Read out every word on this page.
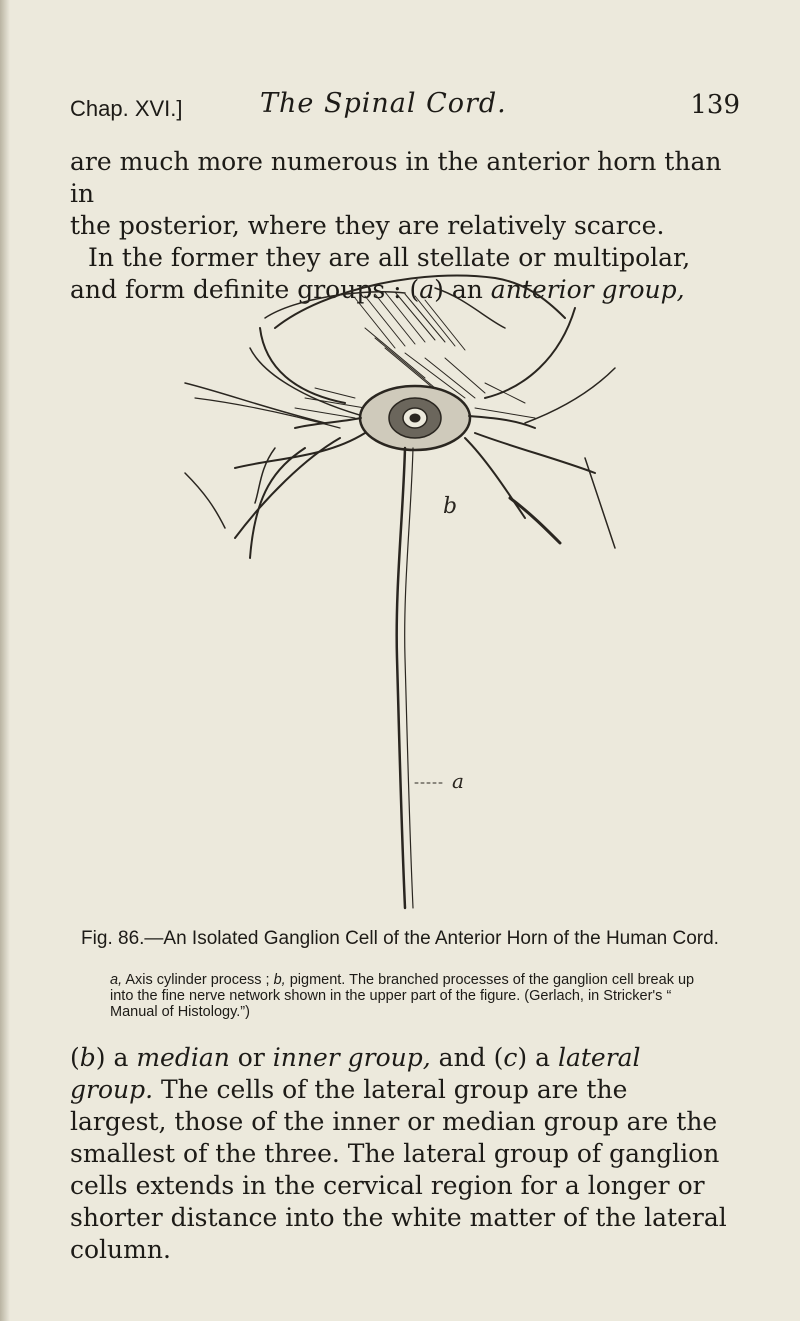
Chap. XVI.]	The Spinal Cord.	139

are much more numerous in the anterior horn than in

the posterior, where they are relatively scarce.

In the former they are all stellate or multipolar,

and form definite groups : (a) an anterior group,

b
a
Fig. 86.—An Isolated Ganglion Cell of the Anterior Horn of the Human Cord.
a, Axis cylinder process ; b, pigment. The branched processes of the ganglion cell break up into the fine nerve network shown in the upper part of the figure. (Gerlach, in Stricker's “ Manual of Histology.”)

(b) a median or inner group, and (c) a lateral group. The cells of the lateral group are the largest, those of the inner or median group are the smallest of the three. The lateral group of ganglion cells extends in the cervical region for a longer or shorter distance into the white matter of the lateral column.
